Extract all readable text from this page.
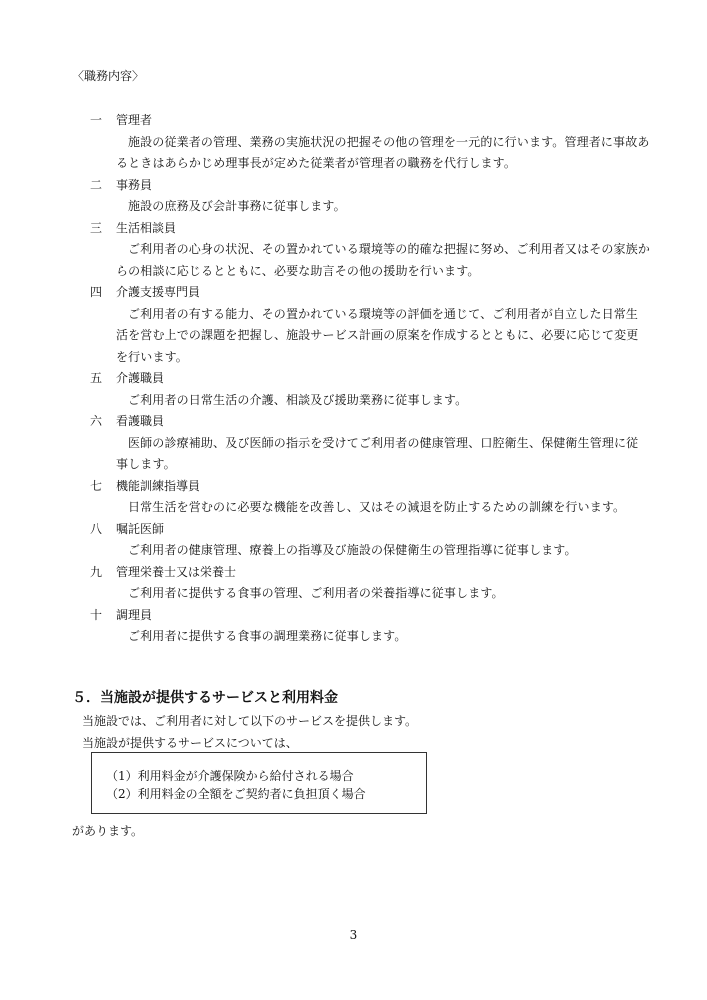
〈職務内容〉
一 管理者
施設の従業者の管理、業務の実施状況の把握その他の管理を一元的に行います。管理者に事故あるときはあらかじめ理事長が定めた従業者が管理者の職務を代行します。
二 事務員
施設の庶務及び会計事務に従事します。
三 生活相談員
ご利用者の心身の状況、その置かれている環境等の的確な把握に努め、ご利用者又はその家族からの相談に応じるとともに、必要な助言その他の援助を行います。
四 介護支援専門員
ご利用者の有する能力、その置かれている環境等の評価を通じて、ご利用者が自立した日常生活を営む上での課題を把握し、施設サービス計画の原案を作成するとともに、必要に応じて変更を行います。
五 介護職員
ご利用者の日常生活の介護、相談及び援助業務に従事します。
六 看護職員
医師の診療補助、及び医師の指示を受けてご利用者の健康管理、口腔衛生、保健衛生管理に従事します。
七 機能訓練指導員
日常生活を営むのに必要な機能を改善し、又はその減退を防止するための訓練を行います。
八 嘱託医師
ご利用者の健康管理、療養上の指導及び施設の保健衛生の管理指導に従事します。
九 管理栄養士又は栄養士
ご利用者に提供する食事の管理、ご利用者の栄養指導に従事します。
十 調理員
ご利用者に提供する食事の調理業務に従事します。
５．当施設が提供するサービスと利用料金
当施設では、ご利用者に対して以下のサービスを提供します。
当施設が提供するサービスについては、
（1）利用料金が介護保険から給付される場合
（2）利用料金の全額をご契約者に負担頂く場合
があります。
3
